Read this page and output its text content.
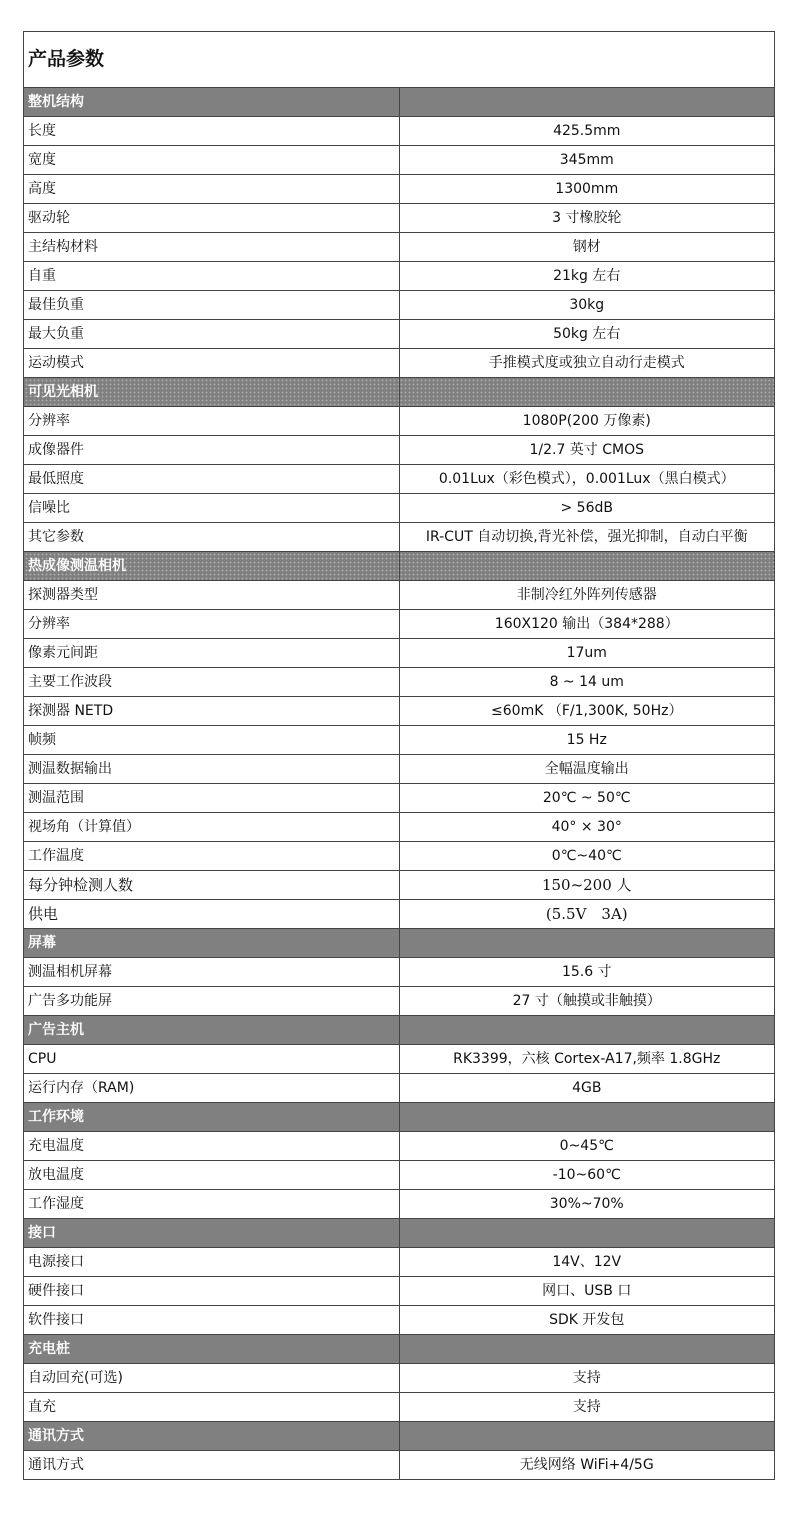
产品参数	
整机结构	
长度	425.5mm
宽度	345mm
高度	1300mm
驱动轮	3 寸橡胶轮
主结构材料	钢材
自重	21kg 左右
最佳负重	30kg
最大负重	50kg 左右
运动模式	手推模式度或独立自动行走模式
可见光相机	
分辨率	1080P(200 万像素)
成像器件	1/2.7 英寸 CMOS
最低照度	0.01Lux（彩色模式），0.001Lux（黑白模式）
信噪比	> 56dB
其它参数	IR-CUT 自动切换,背光补偿，强光抑制，自动白平衡
热成像测温相机	
探测器类型	非制冷红外阵列传感器
分辨率	160X120 输出（384*288）
像素元间距	17um
主要工作波段	8 ~ 14 um
探测器 NETD	≤60mK （F/1,300K, 50Hz）
帧频	15 Hz
测温数据输出	全幅温度输出
测温范围	20℃ ~ 50℃
视场角（计算值）	40° × 30°
工作温度	0℃~40℃
每分钟检测人数	150~200 人
供电	(5.5V　3A)
屏幕	
测温相机屏幕	15.6 寸
广告多功能屏	27 寸（触摸或非触摸）
广告主机	
CPU	RK3399，六核 Cortex-A17,频率 1.8GHz
运行内存（RAM)	4GB
工作环境	
充电温度	0~45℃
放电温度	-10~60℃
工作湿度	30%~70%
接口	
电源接口	14V、12V
硬件接口	网口、USB 口
软件接口	SDK 开发包
充电桩	
自动回充(可选)	支持
直充	支持
通讯方式	
通讯方式	无线网络 WiFi+4/5G
